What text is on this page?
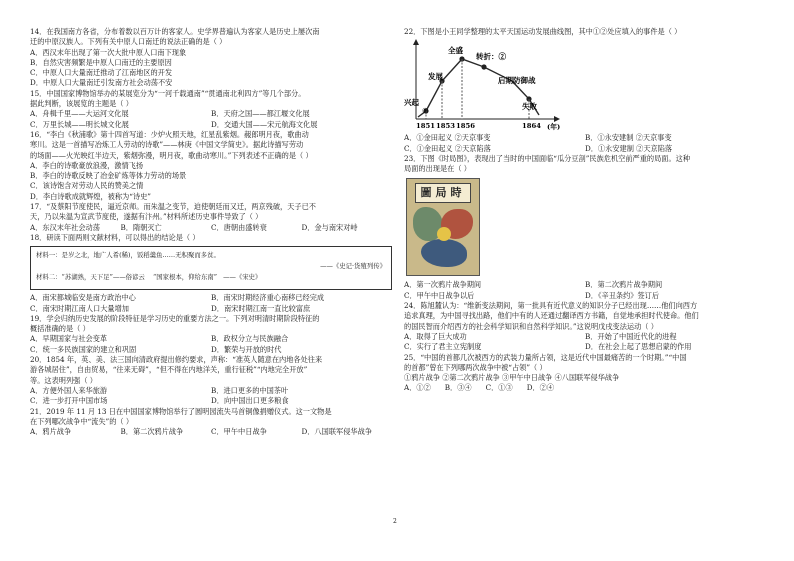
14．在我国南方各省，分布着数以百万计的客家人。史学界普遍认为客家人是历史上屡次南
迁的中原汉族人。下列有关中原人口南迁的说法正确的是（ ）
A．西汉末年出现了第一次大批中原人口南下现象
B．自然灾害频繁是中原人口南迁的主要原因
C．中原人口大量南迁推动了江南地区的开发
D．中原人口大量南迁引发南方社会动荡不安
15．中国国家博物馆举办的某展览分为“一河千载通南”“贯通南北利四方”等几个部分。
据此判断，该展览的主题是（ ）
A．舟楫千里——大运河文化展	B．天府之国——都江堰文化展
C．万里长城——明长城文化展	D．交通大国——宋元航海文化展
16．“李白《秋浦歌》第十四首写道：少炉火照天地，红星乱紫烟。赧郎明月夜，歌曲动
寒川。这是一首描写冶炼工人劳动的诗歌”——林庚《中国文学简史》。据此诗描写劳动
的场面——火光映红半边天，紫烟弥漫，明月夜，歌曲动寒川。”下列表述不正确的是（ ）
A．李白的诗歌豪放浪漫，激情飞扬
B．李白的诗歌反映了冶金矿炼等体力劳动的场景
C．该诗饱含对劳动人民的赞美之情
D．李白诗歌成就辉煌，被称为“诗史”
17．“及蔡阳节度使民，逼近京师。而朱温之变节，迫使朝廷而又迁，两京残破，天子已不
天，乃以朱温为宣武节度使，遂据有汴州。”材料所述历史事件导致了（ ）
A．东汉末年社会动荡	B．隋朝灭亡	C．唐朝由盛转衰	D．金与南宋对峙
18．研读下面两则文献材料，可以得出的结论是（ ）
材料一：是岁之北，地广人希(稀)，饭稻羹鱼……无积聚而多贫。
——《史记·货殖列传》
材料二：“苏湖熟，天下足”——俗谚云 “国家根本，仰给东南” ——《宋史》
A．南宋都城临安是南方政治中心	B．南宋时期经济重心南移已经完成
C．南宋时期江南人口大量增加	D．南宋时期江南一直比较富庶
19．学会归纳历史发展的阶段特征是学习历史的重要方法之一。下列对明清时期阶段特征的
概括准确的是（ ）
A．早期国家与社会变革	B．政权分立与民族融合
C．统一多民族国家的建立和巩固	D．繁荣与开放的时代
20．1854 年，英、美、法三国向清政府提出修约要求，声称：“准英人随意在内地各处往来
游各城居住”，自由贸易，“往来无碍”，“但不得在内地洋关，重行征税”“内地完全开放”
等。这表明列强（ ）
A．方便外国人来华旅游	B．进口更多的中国茶叶
C．进一步打开中国市场	D．向中国出口更多粮食
21．2019 年 11 月 13 日在中国国家博物馆举行了圆明园流失马首铜像捐赠仪式。这一文物是
在下列哪次战争中“流失”的（ ）
A．鸦片战争	B．第二次鸦片战争	C．甲午中日战争	D．八国联军侵华战争
22．下图是小王同学整理的太平天国运动发展曲线图，其中①②处应填入的事件是（ ）
兴起
①
发展
全盛
转折：②
后期防御战
失败
1851 1853 1856	1864 (年)
A．①金田起义 ②天京事变	B．①永安建制 ②天京事变
C．①金田起义 ②天京陷落	D．①永安建制 ②天京陷落
23．下图《时局图》，表现出了当时的中国面临“瓜分豆剖”民族危机空前严重的局面。这种
局面的出现是在（ ）
圖局時
A．第一次鸦片战争期间	B．第二次鸦片战争期间
C．甲午中日战争以后	D．《辛丑条约》签订后
24．陈旭麓认为：“维新变法期间，第一批具有近代意义的知识分子已经出现……他们向西方
追求真理，为中国寻找出路，他们中有的人还通过翻译西方书籍，自觉地承担时代使命。他们
的国民智而介绍西方的社会科学知识和自然科学知识。”这说明戊戌变法运动（ ）
A．取得了巨大成功	B．开始了中国近代化的进程
C．实行了君主立宪制度	D．在社会上起了思想启蒙的作用
25．“中国的首都几次被西方的武装力量所占领，这是近代中国最痛苦的一个时期。”“中国
的首都”曾在下列哪两次战争中被“占领”（ ）
①鸦片战争 ②第二次鸦片战争 ③甲午中日战争 ④八国联军侵华战争
A．①② B．③④ C．①③ D．②④
2
